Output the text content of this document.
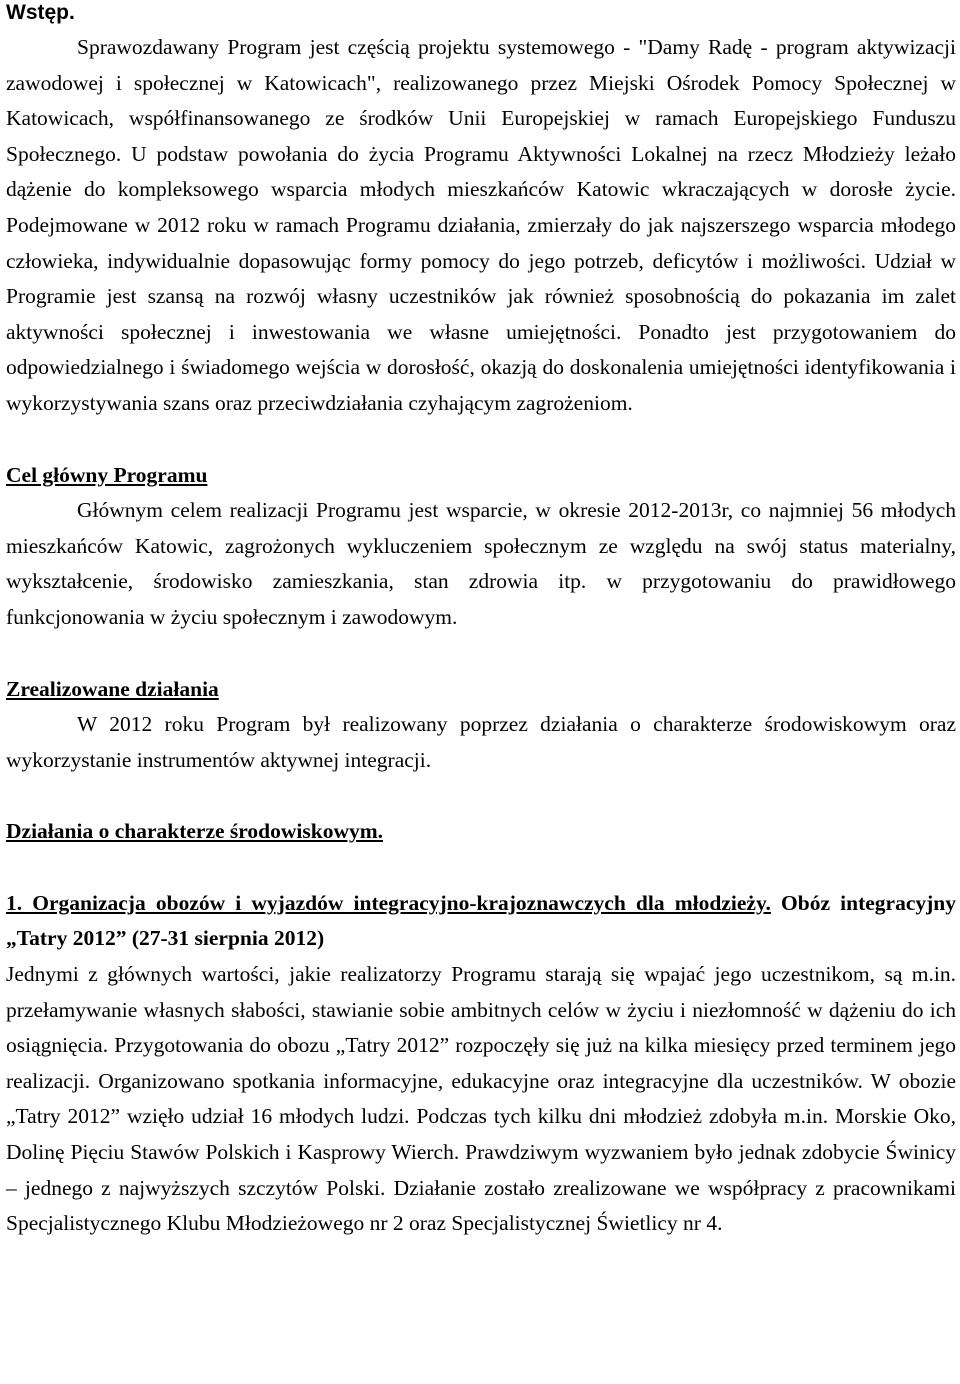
Wstęp.

Sprawozdawany Program jest częścią projektu systemowego - "Damy Radę - program aktywizacji zawodowej i społecznej w Katowicach", realizowanego przez Miejski Ośrodek Pomocy Społecznej w Katowicach, współfinansowanego ze środków Unii Europejskiej w ramach Europejskiego Funduszu Społecznego. U podstaw powołania do życia Programu Aktywności Lokalnej na rzecz Młodzieży leżało dążenie do kompleksowego wsparcia młodych mieszkańców Katowic wkraczających w dorosłe życie. Podejmowane w 2012 roku w ramach Programu działania, zmierzały do jak najszerszego wsparcia młodego człowieka, indywidualnie dopasowując formy pomocy do jego potrzeb, deficytów i możliwości. Udział w Programie jest szansą na rozwój własny uczestników jak również sposobnością do pokazania im zalet aktywności społecznej i inwestowania we własne umiejętności. Ponadto jest przygotowaniem do odpowiedzialnego i świadomego wejścia w dorosłość, okazją do doskonalenia umiejętności identyfikowania i wykorzystywania szans oraz przeciwdziałania czyhającym zagrożeniom.

Cel główny Programu

Głównym celem realizacji Programu jest wsparcie, w okresie 2012-2013r, co najmniej 56 młodych mieszkańców Katowic, zagrożonych wykluczeniem społecznym ze względu na swój status materialny, wykształcenie, środowisko zamieszkania, stan zdrowia itp. w przygotowaniu do prawidłowego funkcjonowania w życiu społecznym i zawodowym.

Zrealizowane działania

W 2012 roku Program był realizowany poprzez działania o charakterze środowiskowym oraz wykorzystanie instrumentów aktywnej integracji.

Działania o charakterze środowiskowym.

1. Organizacja obozów i wyjazdów integracyjno-krajoznawczych dla młodzieży. Obóz integracyjny „Tatry 2012” (27-31 sierpnia 2012)

Jednymi z głównych wartości, jakie realizatorzy Programu starają się wpajać jego uczestnikom, są m.in. przełamywanie własnych słabości, stawianie sobie ambitnych celów w życiu i niezłomność w dążeniu do ich osiągnięcia. Przygotowania do obozu „Tatry 2012” rozpoczęły się już na kilka miesięcy przed terminem jego realizacji. Organizowano spotkania informacyjne, edukacyjne oraz integracyjne dla uczestników. W obozie „Tatry 2012” wzięło udział 16 młodych ludzi. Podczas tych kilku dni młodzież zdobyła m.in. Morskie Oko, Dolinę Pięciu Stawów Polskich i Kasprowy Wierch. Prawdziwym wyzwaniem było jednak zdobycie Świnicy – jednego z najwyższych szczytów Polski. Działanie zostało zrealizowane we współpracy z pracownikami Specjalistycznego Klubu Młodzieżowego nr 2 oraz Specjalistycznej Świetlicy nr 4.
